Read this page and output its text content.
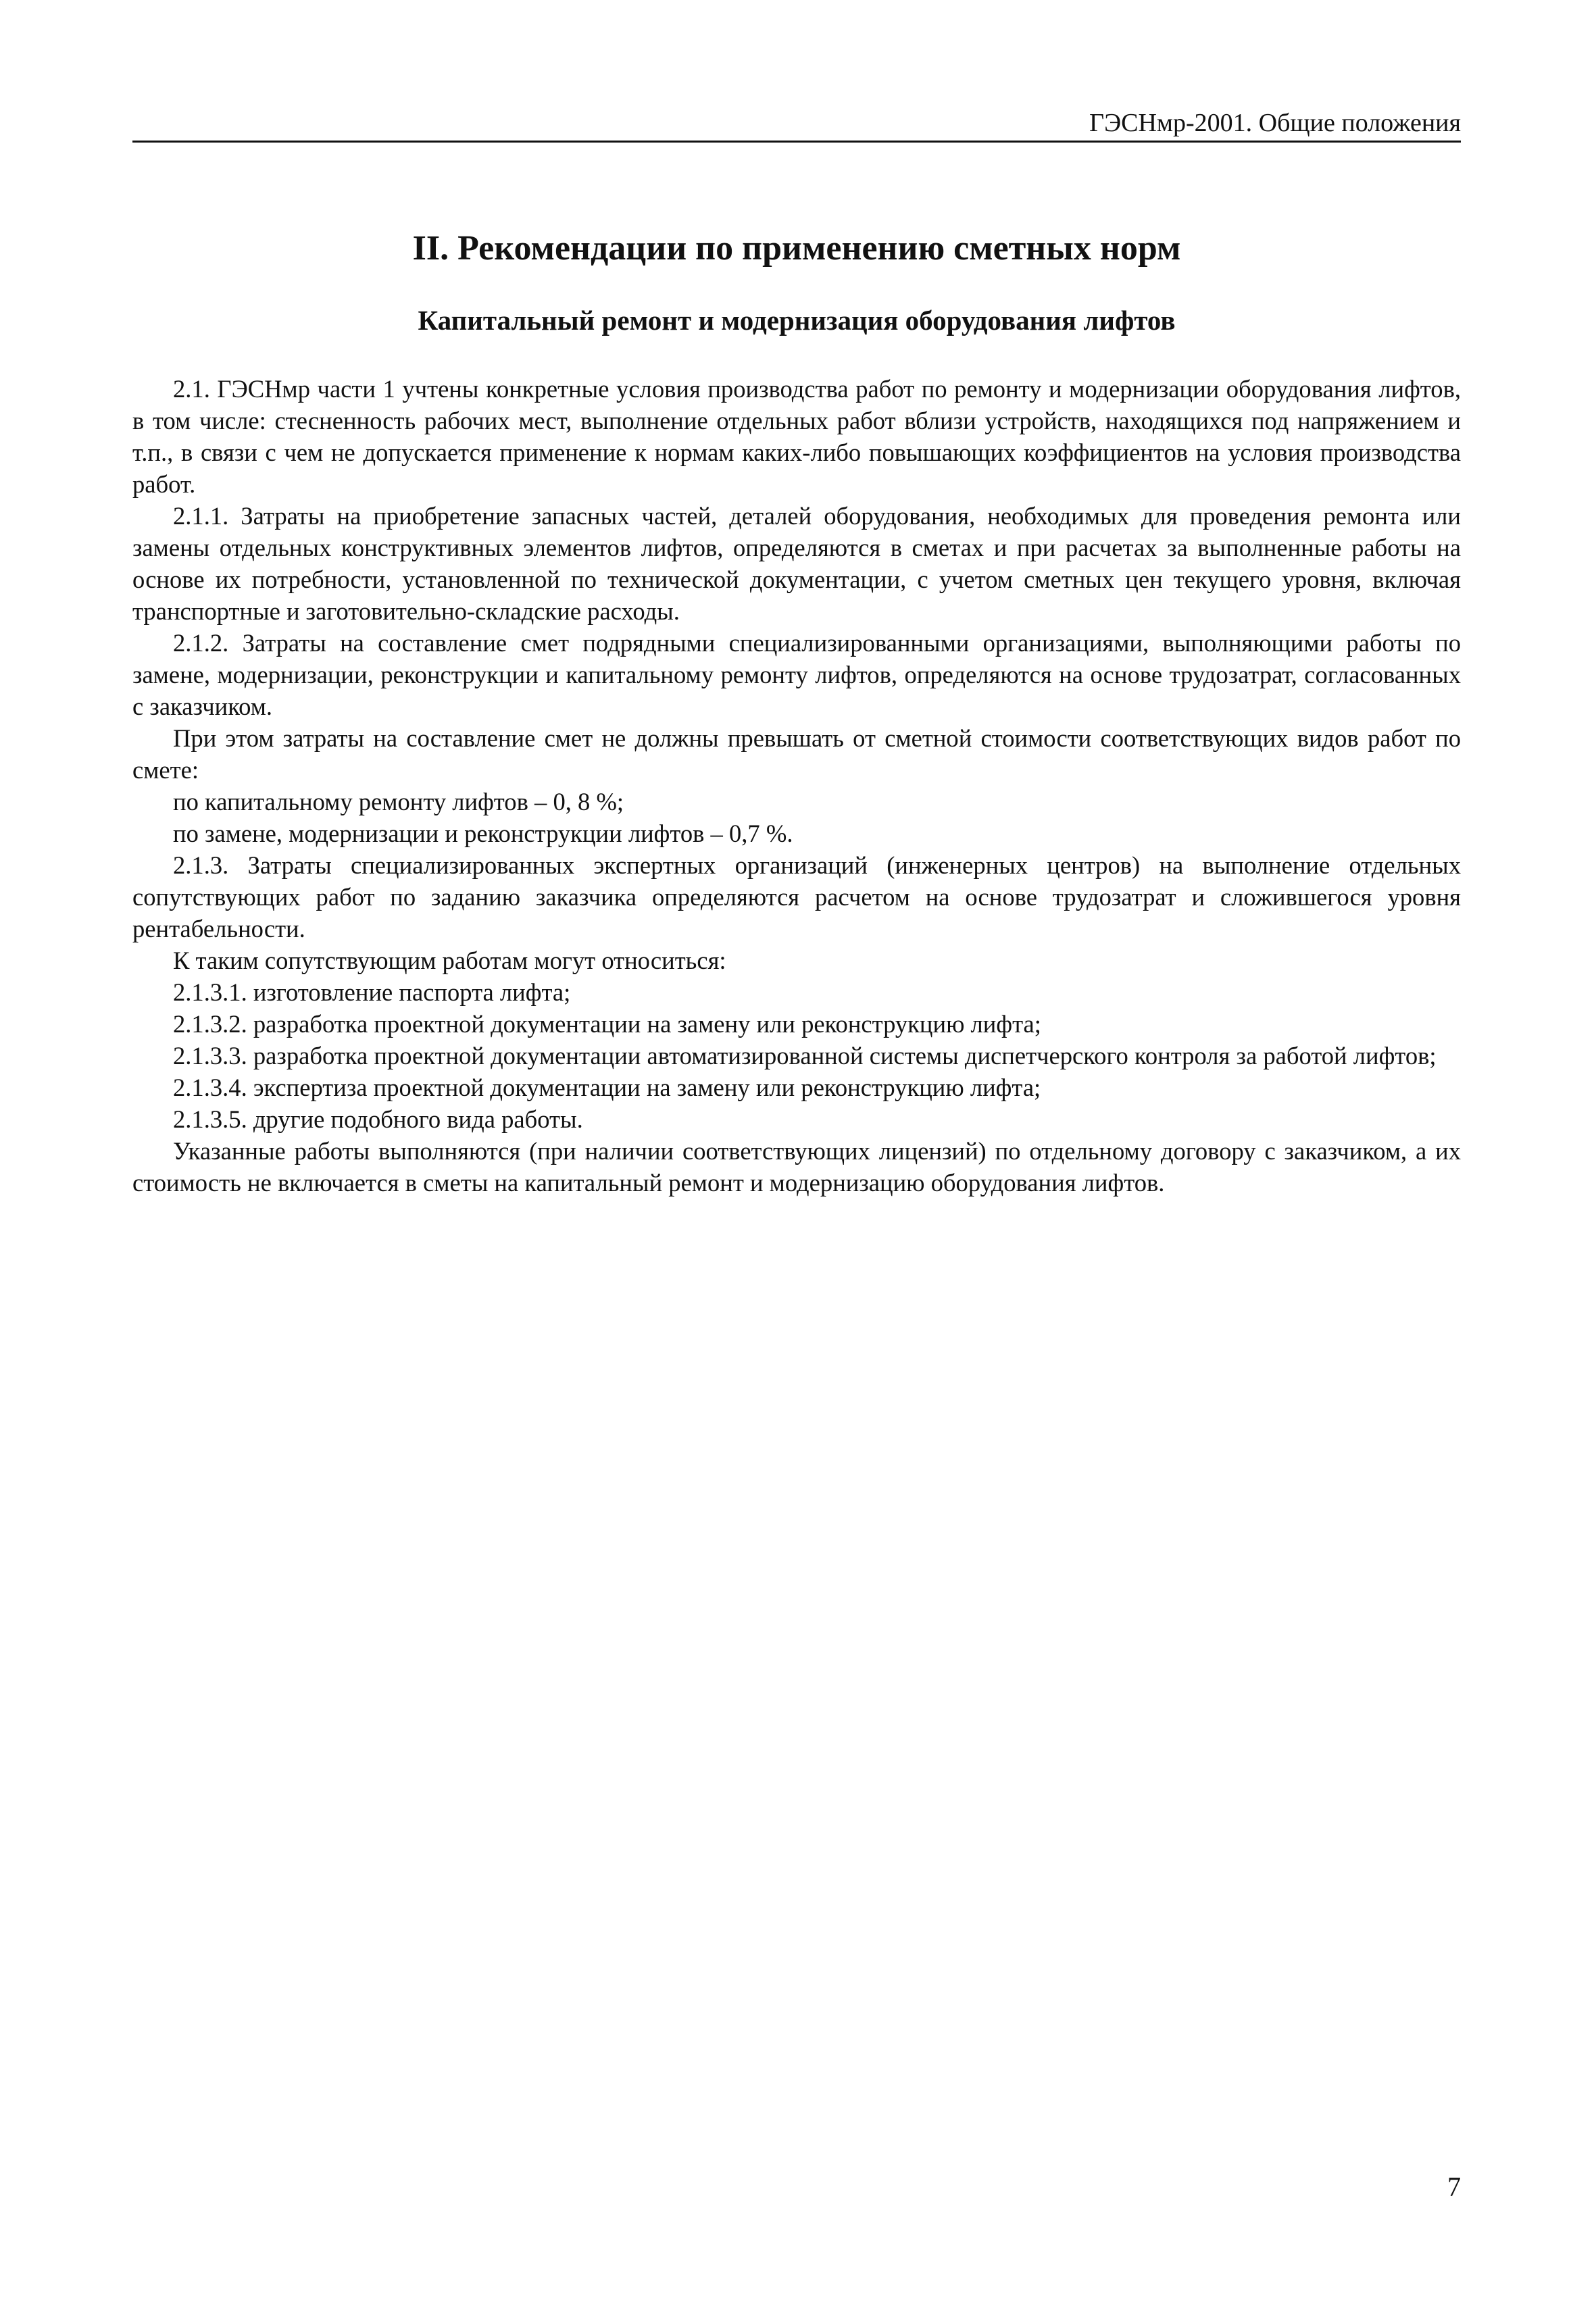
ГЭСНмр-2001. Общие положения
II. Рекомендации по применению сметных норм
Капитальный ремонт и модернизация оборудования лифтов

2.1. ГЭСНмр части 1 учтены конкретные условия производства работ по ремонту и модернизации оборудования лифтов, в том числе: стесненность рабочих мест, выполнение отдельных работ вблизи устройств, находящихся под напряжением и т.п., в связи с чем не допускается применение к нормам каких-либо повышающих коэффициентов на условия производства работ.

2.1.1. Затраты на приобретение запасных частей, деталей оборудования, необходимых для проведения ремонта или замены отдельных конструктивных элементов лифтов, определяются в сметах и при расчетах за выполненные работы на основе их потребности, установленной по технической документации, с учетом сметных цен текущего уровня, включая транспортные и заготовительно-складские расходы.

2.1.2. Затраты на составление смет подрядными специализированными организациями, выполняющими работы по замене, модернизации, реконструкции и капитальному ремонту лифтов, определяются на основе трудозатрат, согласованных с заказчиком.

При этом затраты на составление смет не должны превышать от сметной стоимости соответствующих видов работ по смете:

по капитальному ремонту лифтов – 0, 8 %;

по замене, модернизации и реконструкции лифтов – 0,7 %.

2.1.3. Затраты специализированных экспертных организаций (инженерных центров) на выполнение отдельных сопутствующих работ по заданию заказчика определяются расчетом на основе трудозатрат и сложившегося уровня рентабельности.

К таким сопутствующим работам могут относиться:

2.1.3.1. изготовление паспорта лифта;

2.1.3.2. разработка проектной документации на замену или реконструкцию лифта;

2.1.3.3. разработка проектной документации автоматизированной системы диспетчерского контроля за работой лифтов;

2.1.3.4. экспертиза проектной документации на замену или реконструкцию лифта;

2.1.3.5. другие подобного вида работы.

Указанные работы выполняются (при наличии соответствующих лицензий) по отдельному договору с заказчиком, а их стоимость не включается в сметы на капитальный ремонт и модернизацию оборудования лифтов.

7
